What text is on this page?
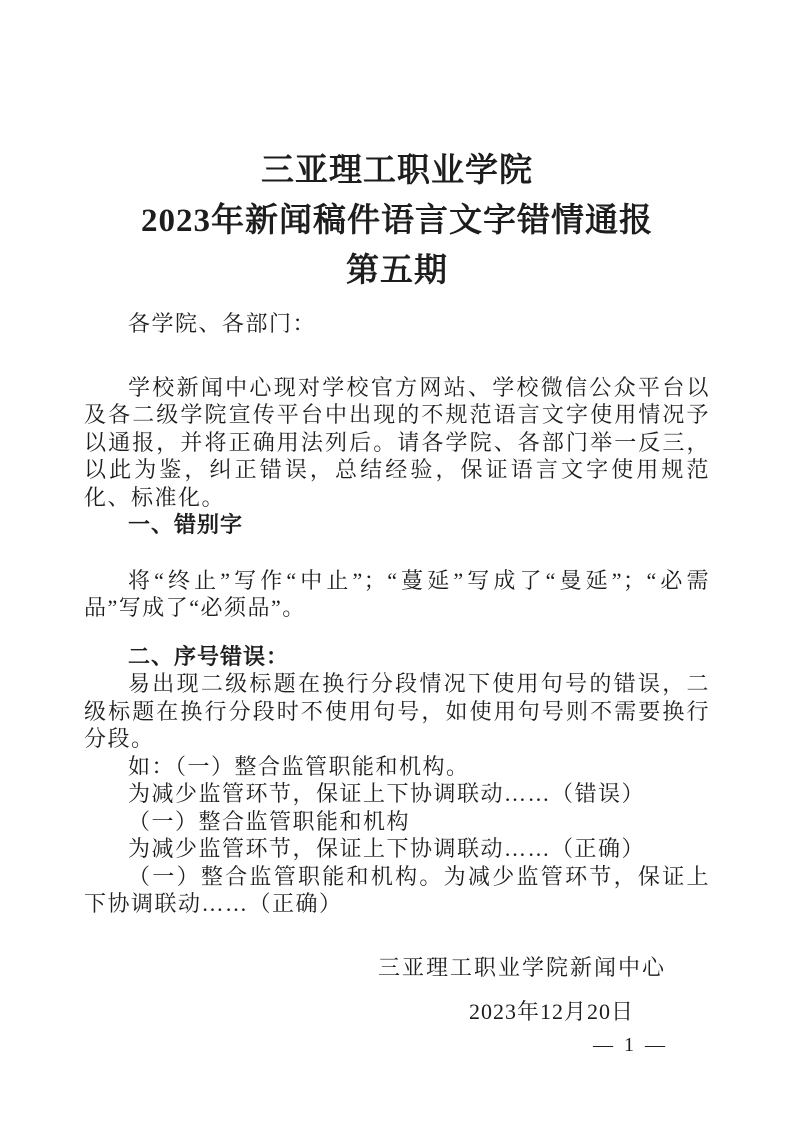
三亚理工职业学院
2023年新闻稿件语言文字错情通报
第五期

各学院、各部门：

学校新闻中心现对学校官方网站、学校微信公众平台以及各二级学院宣传平台中出现的不规范语言文字使用情况予以通报，并将正确用法列后。请各学院、各部门举一反三，以此为鉴，纠正错误，总结经验，保证语言文字使用规范化、标准化。

一、错别字

将“终止”写作“中止”；“蔓延”写成了“曼延”；“必需品”写成了“必须品”。

二、序号错误：

易出现二级标题在换行分段情况下使用句号的错误，二级标题在换行分段时不使用句号，如使用句号则不需要换行分段。

如：（一）整合监管职能和机构。

为减少监管环节，保证上下协调联动……（错误）

（一）整合监管职能和机构

为减少监管环节，保证上下协调联动……（正确）

（一）整合监管职能和机构。为减少监管环节，保证上下协调联动……（正确）

三亚理工职业学院新闻中心
2023年12月20日
— 1 —
